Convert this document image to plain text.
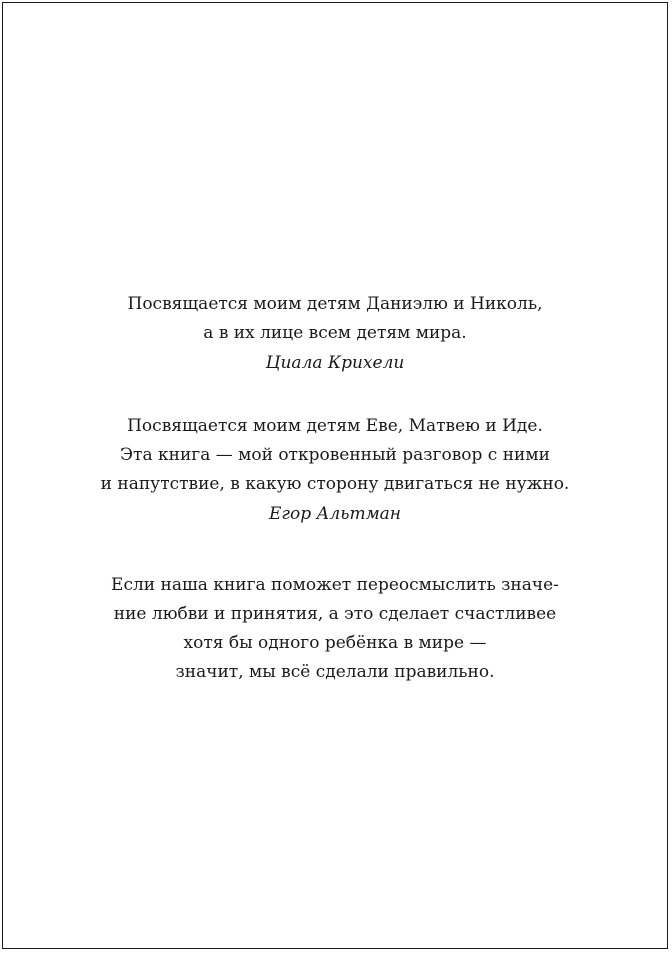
Посвящается моим детям Даниэлю и Николь,
а в их лице всем детям мира.
Циала Крихели
Посвящается моим детям Еве, Матвею и Иде.
Эта книга — мой откровенный разговор с ними
и напутствие, в какую сторону двигаться не нужно.
Егор Альтман
Если наша книга поможет переосмыслить значе-
ние любви и принятия, а это сделает счастливее
хотя бы одного ребёнка в мире —
значит, мы всё сделали правильно.
